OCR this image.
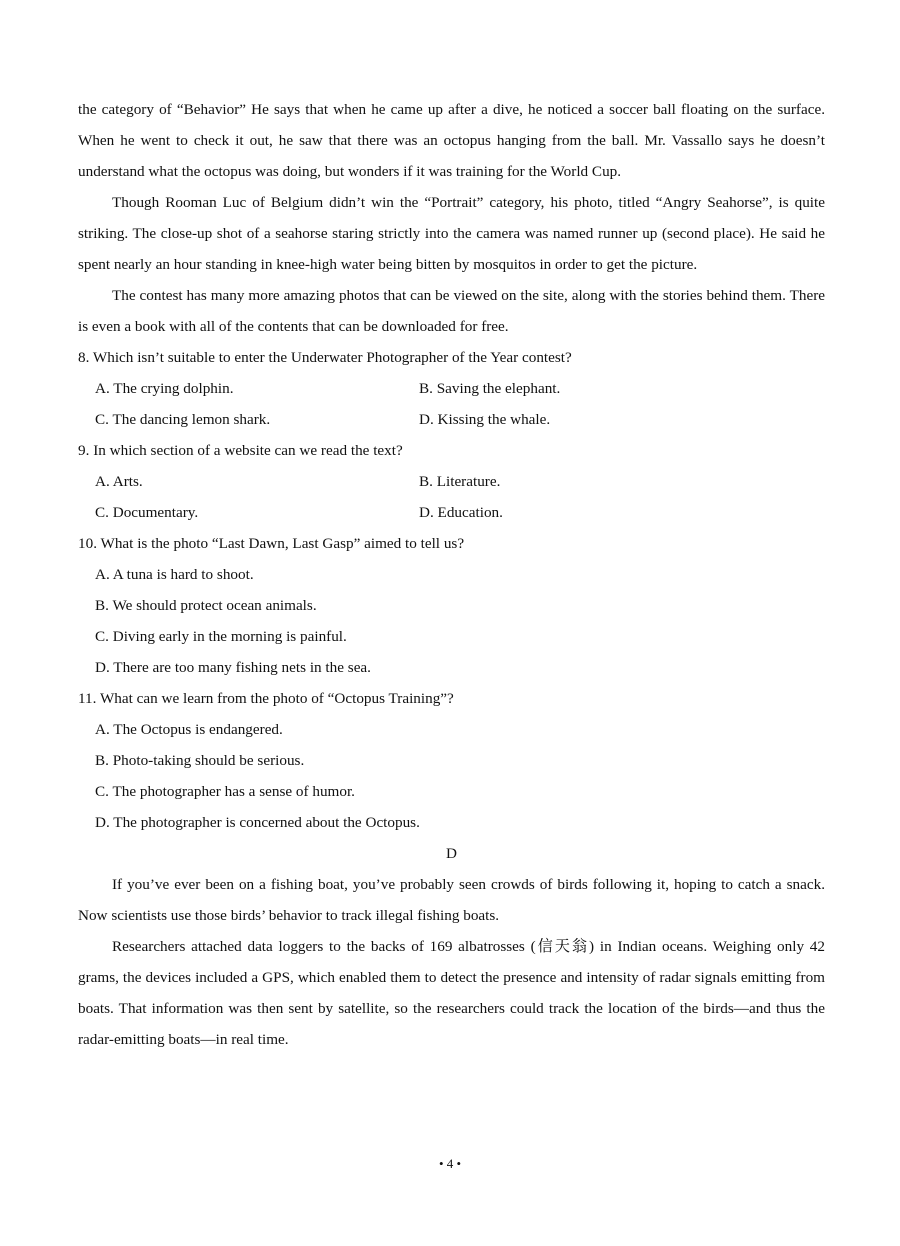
the category of “Behavior” He says that when he came up after a dive, he noticed a soccer ball floating on the surface. When he went to check it out, he saw that there was an octopus hanging from the ball. Mr. Vassallo says he doesn’t understand what the octopus was doing, but wonders if it was training for the World Cup.

Though Rooman Luc of Belgium didn’t win the “Portrait” category, his photo, titled “Angry Seahorse”, is quite striking. The close-up shot of a seahorse staring strictly into the camera was named runner up (second place). He said he spent nearly an hour standing in knee-high water being bitten by mosquitos in order to get the picture.

The contest has many more amazing photos that can be viewed on the site, along with the stories behind them. There is even a book with all of the contents that can be downloaded for free.

8. Which isn’t suitable to enter the Underwater Photographer of the Year contest?

A. The crying dolphin.	B. Saving the elephant.
C. The dancing lemon shark.	D. Kissing the whale.

9. In which section of a website can we read the text?

A. Arts.	B. Literature.
C. Documentary.	D. Education.

10. What is the photo “Last Dawn, Last Gasp” aimed to tell us?

A. A tuna is hard to shoot.
B. We should protect ocean animals.
C. Diving early in the morning is painful.
D. There are too many fishing nets in the sea.

11. What can we learn from the photo of “Octopus Training”?

A. The Octopus is endangered.
B. Photo-taking should be serious.
C. The photographer has a sense of humor.
D. The photographer is concerned about the Octopus.

D

If you’ve ever been on a fishing boat, you’ve probably seen crowds of birds following it, hoping to catch a snack. Now scientists use those birds’ behavior to track illegal fishing boats.

Researchers attached data loggers to the backs of 169 albatrosses (信天翁) in Indian oceans. Weighing only 42 grams, the devices included a GPS, which enabled them to detect the presence and intensity of radar signals emitting from boats. That information was then sent by satellite, so the researchers could track the location of the birds—and thus the radar-emitting boats—in real time.

• 4 •
